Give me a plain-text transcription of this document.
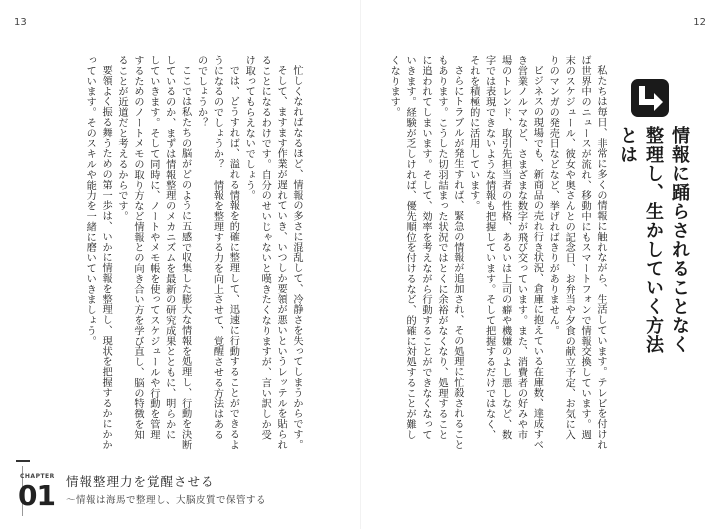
13	12
情報に踊らされることなく
整理し、生かしていく方法とは

私たちは毎日、非常に多くの情報に触れながら、生活しています。テレビを付ければ世界中のニュースが流れ、移動中にもスマートフォンで情報交換しています。週末のスケジュール、彼女や奥さんとの記念日、お弁当や夕食の献立予定、お気に入りのマンガの発売日などなど、挙げればきりがありません。

ビジネスの現場でも、新商品の売れ行き状況、倉庫に抱えている在庫数、達成すべき営業ノルマなど、さまざまな数字が飛び交っています。また、消費者の好みや市場のトレンド、取引先担当者の性格、あるいは上司の癖や機嫌のよし悪しなど、数字では表現できないような情報も把握しています。そして把握するだけではなく、それを積極的に活用しています。

さらにトラブルが発生すれば、緊急の情報が追加され、その処理に忙殺されることもあります。こうした切羽詰まった状況ではとくに余裕がなくなり、処理することに追われてしまいます。そして、効率を考えながら行動することができなくなっていきます。経験が乏しければ、優先順位を付けるなど、的確に対処することが難しくなります。

忙しくなればなるほど、情報の多さに混乱して、冷静さを失ってしまうからです。

そして、ますます作業が遅れていき、いつしか要領が悪いというレッテルを貼られることになるわけです。自分のせいじゃないと嘆きたくなりますが、言い訳しか受け取ってもらえないでしょう。

では、どうすれば、溢れる情報を的確に整理して、迅速に行動することができるようになるのでしょうか？　情報を整理する力を向上させて、覚醒させる方法はあるのでしょうか？

ここでは私たちの脳がどのように五感で収集した膨大な情報を処理し、行動を決断しているのか、まずは情報整理のメカニズムを最新の研究成果とともに、明らかにしていきます。そして同時に、ノートやメモ帳を使ってスケジュールや行動を管理するためのノートメモの取り方など情報との向き合い方を学び直し、脳の特徴を知ることが近道だと考えるからです。

要領よく振る舞うための第一歩は、いかに情報を整理し、現状を把握するかにかかっています。そのスキルや能力を一緒に磨いていきましょう。

CHAPTER
01 情報整理力を覚醒させる
〜情報は海馬で整理し、大脳皮質で保管する
